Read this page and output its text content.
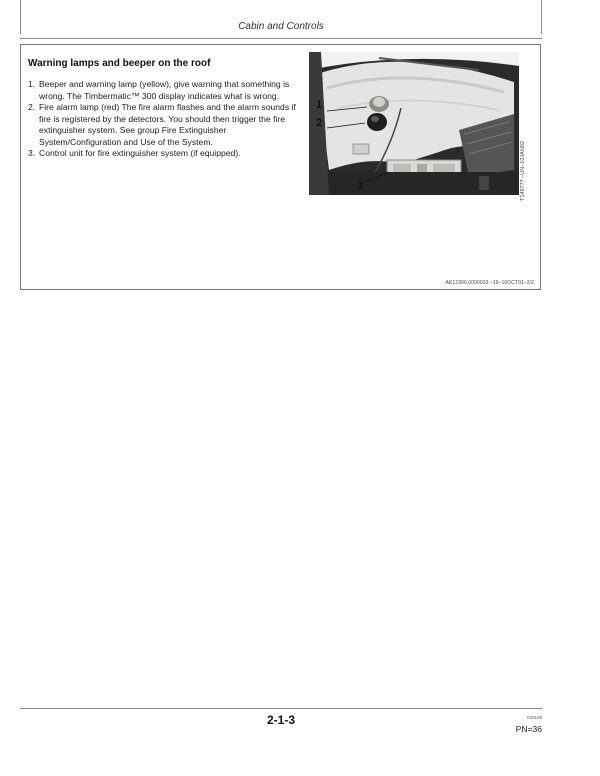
Cabin and Controls
Warning lamps and beeper on the roof
1. Beeper and warning lamp (yellow), give warning that something is wrong. The Timbermatic™ 300 display indicates what is wrong.
2. Fire alarm lamp (red) The fire alarm flashes and the alarm sounds if fire is registered by the detectors. You should then trigger the fire extinguisher system. See group Fire Extinguisher System/Configuration and Use of the System.
3. Control unit for fire extinguisher system (if equipped).
1
2
3	T149777 –UN–10JAN02
AK12300,0000033 –19–10OCT01–2/2
2-1-3	020105
PN=36
